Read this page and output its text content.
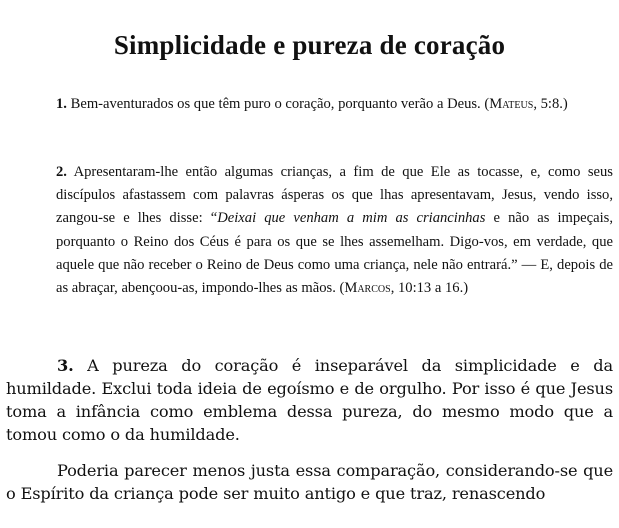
Simplicidade e pureza de coração

1. Bem-aventurados os que têm puro o coração, porquanto verão a Deus. (Mateus, 5:8.)

2. Apresentaram-lhe então algumas crianças, a fim de que Ele as tocasse, e, como seus discípulos afastassem com palavras ásperas os que lhas apresentavam, Jesus, vendo isso, zangou-se e lhes disse: “Deixai que venham a mim as criancinhas e não as impeçais, porquanto o Reino dos Céus é para os que se lhes assemelham. Digo-vos, em verdade, que aquele que não receber o Reino de Deus como uma criança, nele não entrará.” — E, depois de as abraçar, abençoou-as, impondo-lhes as mãos. (Marcos, 10:13 a 16.)

3. A pureza do coração é inseparável da simplicidade e da humildade. Exclui toda ideia de egoísmo e de orgulho. Por isso é que Jesus toma a infância como emblema dessa pureza, do mesmo modo que a tomou como o da humildade.

Poderia parecer menos justa essa comparação, considerando-se que o Espírito da criança pode ser muito antigo e que traz, renascendo
